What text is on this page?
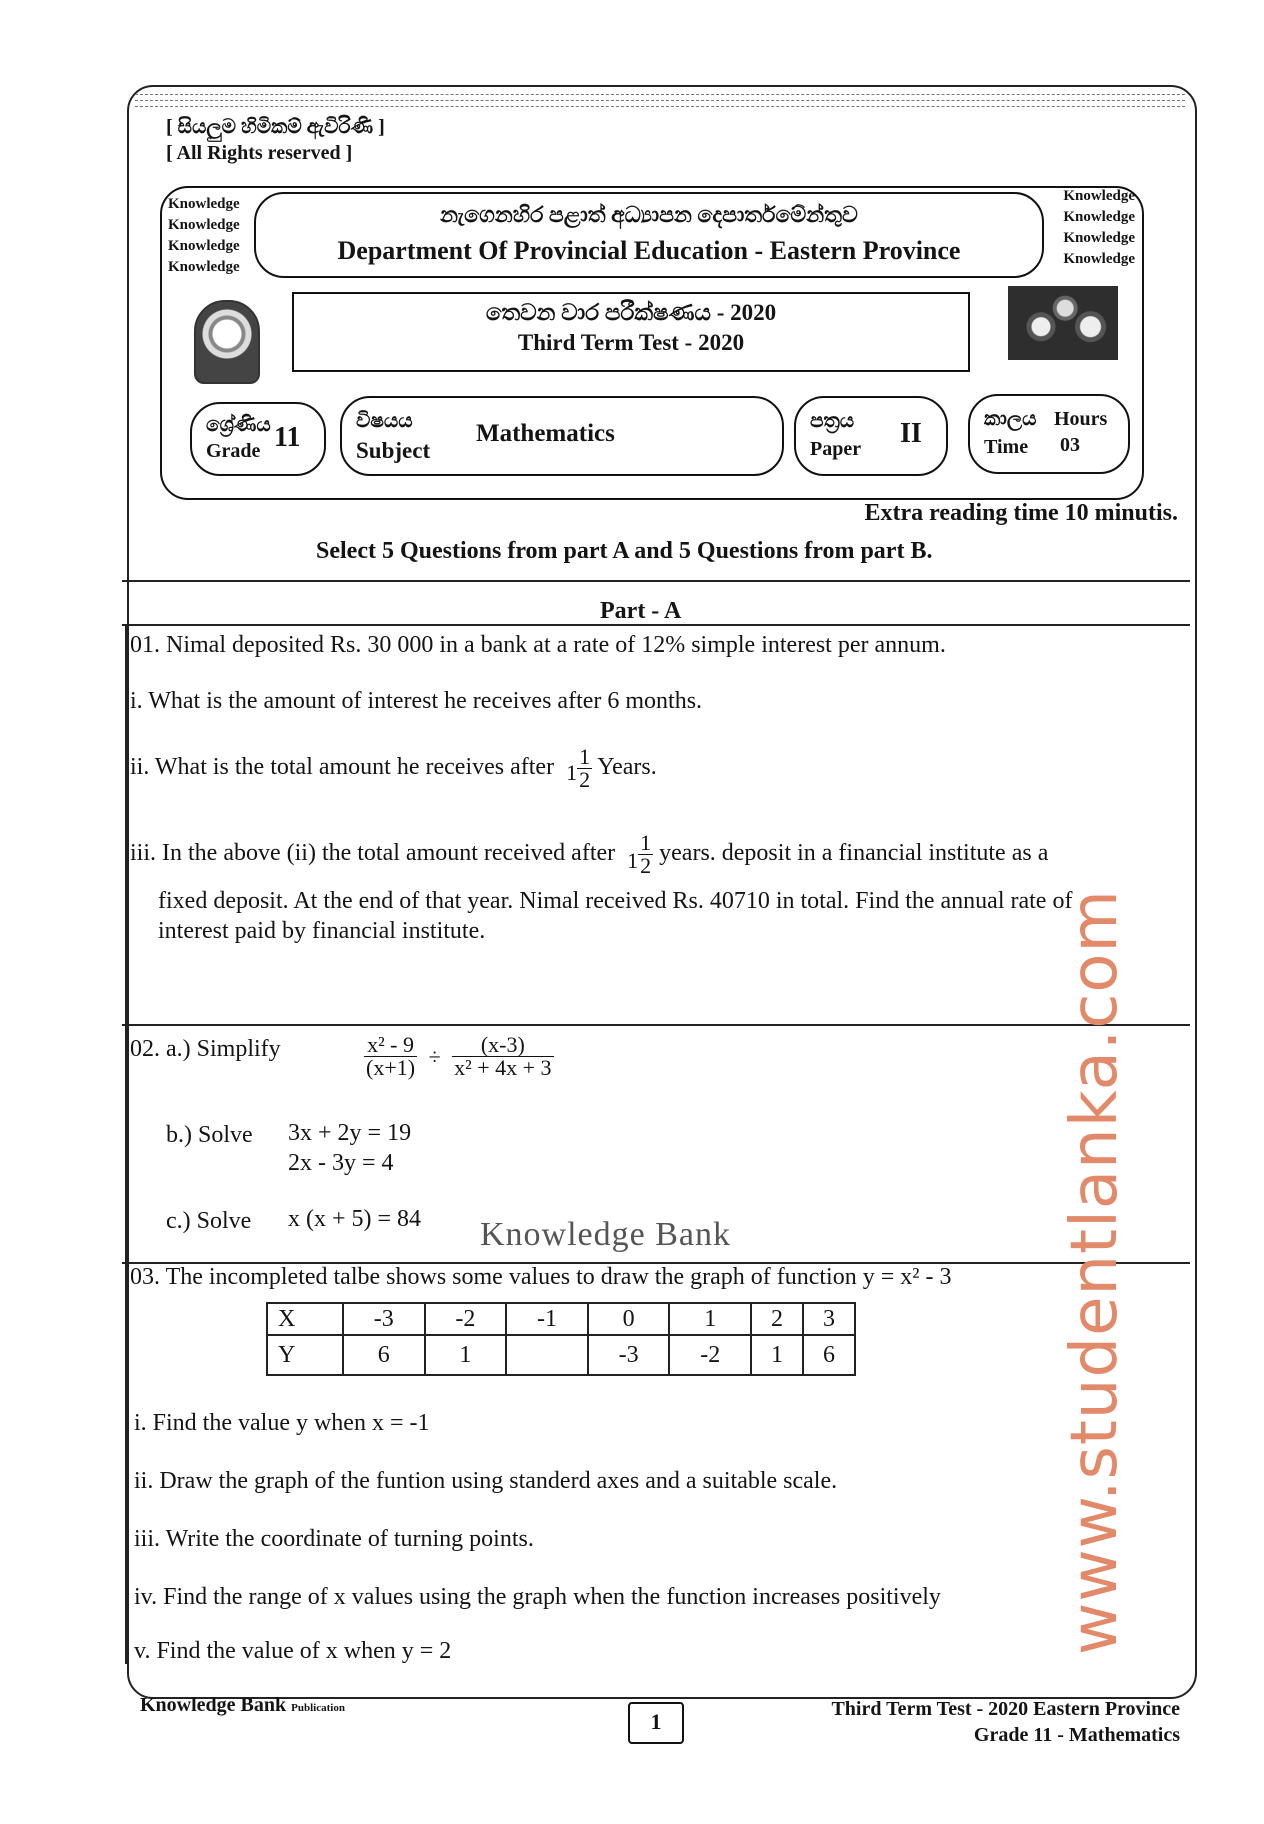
[ සියලුම හිමිකම් ඇවිරිණි ]
[ All Rights reserved ]
Knowledge
Knowledge
Knowledge
Knowledge
Knowledge
Knowledge
Knowledge
Knowledge
නැගෙනහිර පළාත් අධ්‍යාපන දෙපාර්තමේන්තුව
Department Of Provincial Education - Eastern Province
තෙවන වාර පරීක්ෂණය - 2020
Third Term Test - 2020
ශ්‍රේණිය
Grade 11
විෂයය
Subject
Mathematics	පත්‍රය
Paper II	කාලය
Time
Hours
03
Extra reading time 10 minutis.
Select 5 Questions from part A and 5 Questions from part B.
Part - A
01. Nimal deposited Rs. 30 000 in a bank at a rate of 12% simple interest per annum.
i. What is the amount of interest he receives after 6 months.
ii. What is the total amount he receives after $1 \frac{1}{2}$ Years.
iii. In the above (ii) the total amount received after $1 \frac{1}{2}$ years. deposit in a financial institute as a
fixed deposit. At the end of that year. Nimal received Rs. 40710 in total. Find the annual rate of
interest paid by financial institute.
02. a.) Simplify	$\frac{\text{x² - 9}}{(x+1)} \div \frac{(x-3)}{\text{x² + 4x + 3}}$
b.) Solve 3x + 2y = 19
2x - 3y = 4
c.) Solve x (x + 5) = 84 Knowledge Bank
03. The incompleted talbe shows some values to draw the graph of function y = x² - 3
X	-3	-2	-1	0	1	2	3
Y	6	1		-3	-2	1	6
i. Find the value y when x = -1
ii. Draw the graph of the funtion using standerd axes and a suitable scale.
iii. Write the coordinate of turning points.
iv. Find the range of x values using the graph when the function increases positively
v. Find the value of x when y = 2	www.studentlanka.com
Knowledge Bank Publication
1	Third Term Test - 2020 Eastern Province
Grade 11 - Mathematics
